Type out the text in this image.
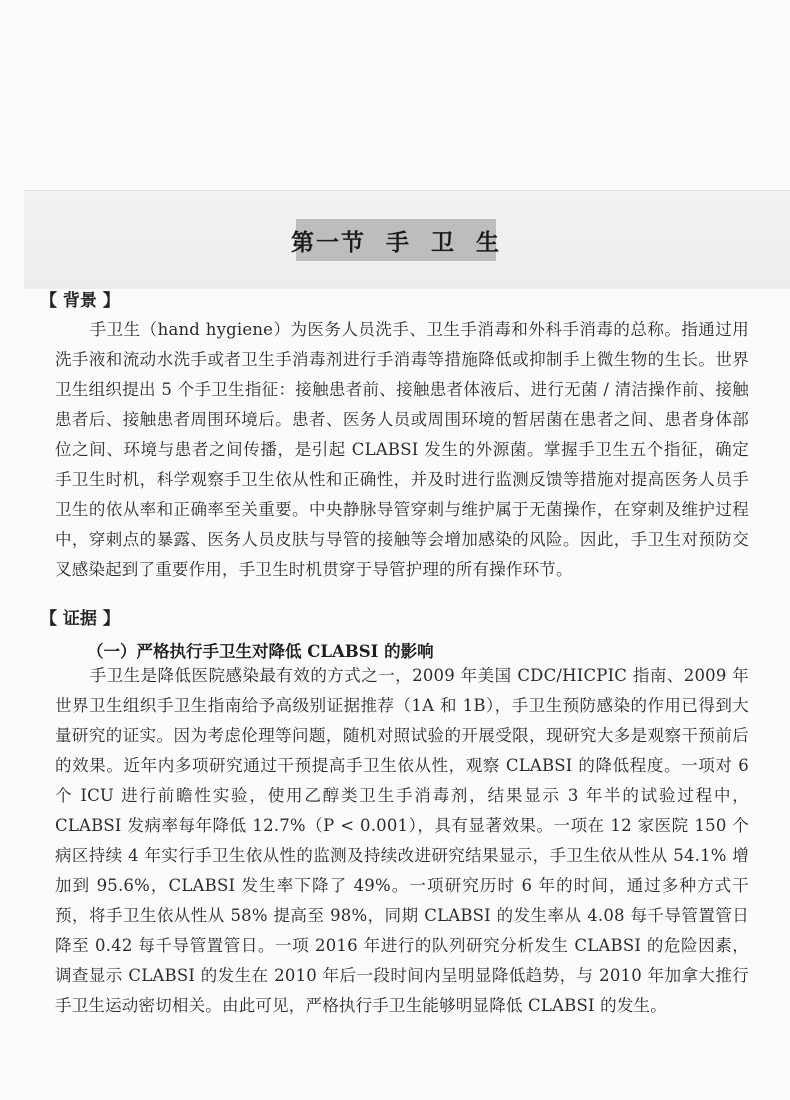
第一节  手  卫  生
【 背景 】

手卫生（hand hygiene）为医务人员洗手、卫生手消毒和外科手消毒的总称。指通过用洗手液和流动水洗手或者卫生手消毒剂进行手消毒等措施降低或抑制手上微生物的生长。世界卫生组织提出 5 个手卫生指征：接触患者前、接触患者体液后、进行无菌 / 清洁操作前、接触患者后、接触患者周围环境后。患者、医务人员或周围环境的暂居菌在患者之间、患者身体部位之间、环境与患者之间传播，是引起 CLABSI 发生的外源菌。掌握手卫生五个指征，确定手卫生时机，科学观察手卫生依从性和正确性，并及时进行监测反馈等措施对提高医务人员手卫生的依从率和正确率至关重要。中央静脉导管穿刺与维护属于无菌操作，在穿刺及维护过程中，穿刺点的暴露、医务人员皮肤与导管的接触等会增加感染的风险。因此，手卫生对预防交叉感染起到了重要作用，手卫生时机贯穿于导管护理的所有操作环节。

【 证据 】
（一）严格执行手卫生对降低 CLABSI 的影响

手卫生是降低医院感染最有效的方式之一，2009 年美国 CDC/HICPIC 指南、2009 年世界卫生组织手卫生指南给予高级别证据推荐（1A 和 1B），手卫生预防感染的作用已得到大量研究的证实。因为考虑伦理等问题，随机对照试验的开展受限，现研究大多是观察干预前后的效果。近年内多项研究通过干预提高手卫生依从性，观察 CLABSI 的降低程度。一项对 6 个 ICU 进行前瞻性实验，使用乙醇类卫生手消毒剂，结果显示 3 年半的试验过程中，CLABSI 发病率每年降低 12.7%（P < 0.001），具有显著效果。一项在 12 家医院 150 个病区持续 4 年实行手卫生依从性的监测及持续改进研究结果显示，手卫生依从性从 54.1% 增加到 95.6%，CLABSI 发生率下降了 49%。一项研究历时 6 年的时间，通过多种方式干预，将手卫生依从性从 58% 提高至 98%，同期 CLABSI 的发生率从 4.08 每千导管置管日降至 0.42 每千导管置管日。一项 2016 年进行的队列研究分析发生 CLABSI 的危险因素，调查显示 CLABSI 的发生在 2010 年后一段时间内呈明显降低趋势，与 2010 年加拿大推行手卫生运动密切相关。由此可见，严格执行手卫生能够明显降低 CLABSI 的发生。
